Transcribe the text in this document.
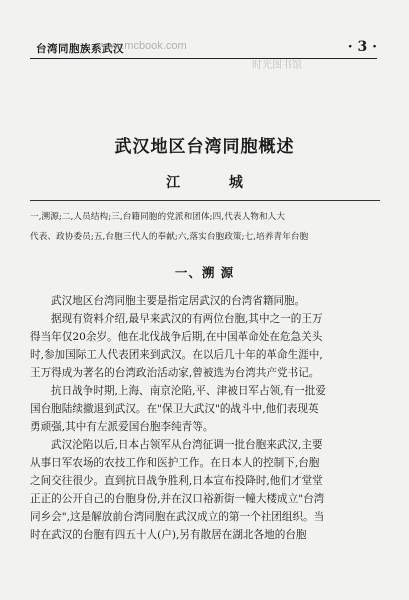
台湾同胞族系武汉	· 3 ·
www.mcbook.com
时光图书馆
武汉地区台湾同胞概述
江 城
一,溯源;二,人员结构;三,台籍同胞的党派和团体;四,代表人物和人大
代表、政协委员;五,台胞三代人的奉献;六,落实台胞政策;七,培养青年台胞
一、溯 源
武汉地区台湾同胞主要是指定居武汉的台湾省籍同胞。
据现有资料介绍,最早来武汉的有两位台胞,其中之一的王万
得当年仅20余岁。他在北伐战争后期,在中国革命处在危急关头
时,参加国际工人代表团来到武汉。在以后几十年的革命生涯中,
王万得成为著名的台湾政治活动家,曾被选为台湾共产党书记。
抗日战争时期,上海、南京沦陷,平、津被日军占领,有一批爱
国台胞陆续撤退到武汉。在"保卫大武汉"的战斗中,他们表现英
勇顽强,其中有左派爱国台胞李纯青等。
武汉沦陷以后,日本占领军从台湾征调一批台胞来武汉,主要
从事日军农场的农技工作和医护工作。在日本人的控制下,台胞
之间交往很少。直到抗日战争胜利,日本宣布投降时,他们才堂堂
正正的公开自己的台胞身份,并在汉口裕新街一幢大楼成立"台湾
同乡会",这是解放前台湾同胞在武汉成立的第一个社团组织。当
时在武汉的台胞有四五十人(户),另有散居在湖北各地的台胞
